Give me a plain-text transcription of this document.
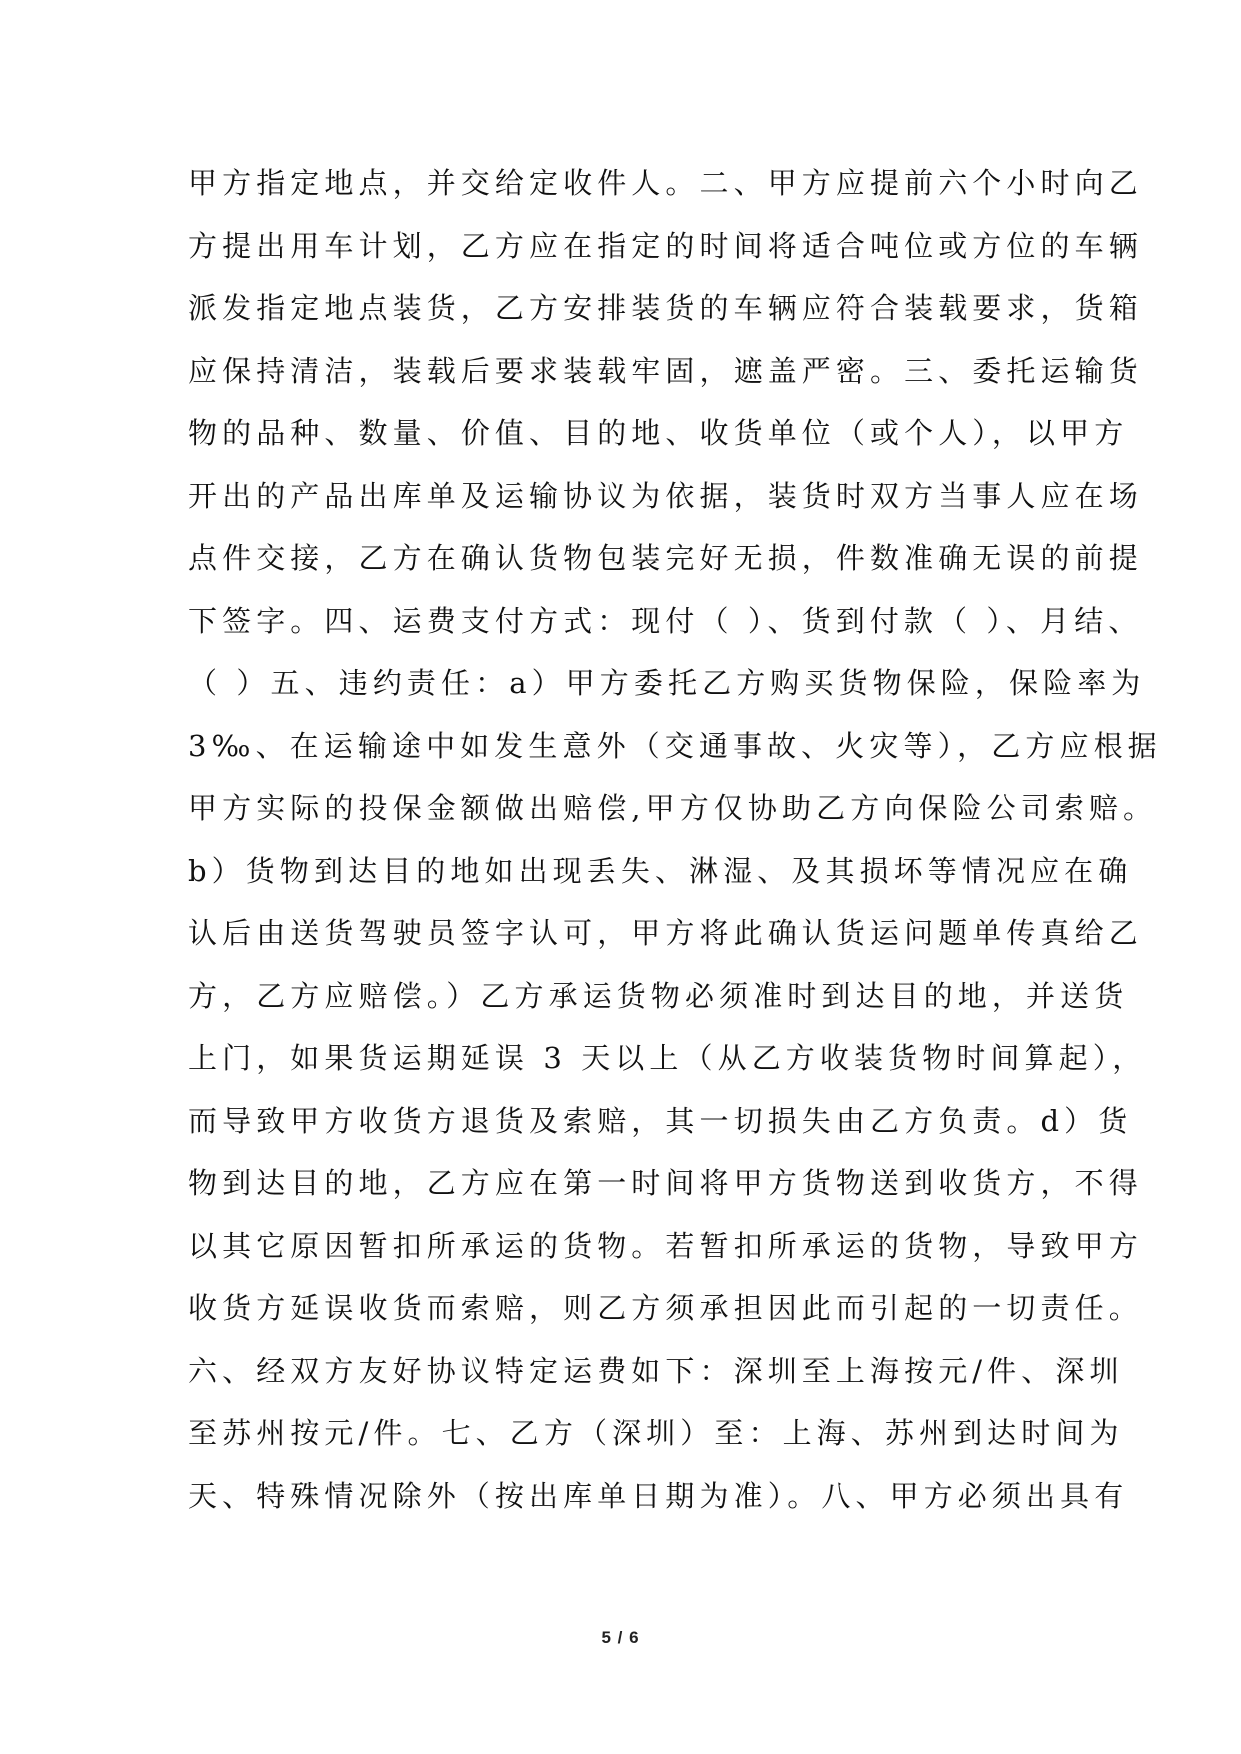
甲方指定地点，并交给定收件人。二、甲方应提前六个小时向乙
方提出用车计划，乙方应在指定的时间将适合吨位或方位的车辆
派发指定地点装货，乙方安排装货的车辆应符合装载要求，货箱
应保持清洁，装载后要求装载牢固，遮盖严密。三、委托运输货
物的品种、数量、价值、目的地、收货单位（或个人），以甲方
开出的产品出库单及运输协议为依据，装货时双方当事人应在场
点件交接，乙方在确认货物包装完好无损，件数准确无误的前提
下签字。四、运费支付方式：现付（ ）、货到付款（ ）、月结、
（ ）五、违约责任：a）甲方委托乙方购买货物保险，保险率为
3‰、在运输途中如发生意外（交通事故、火灾等），乙方应根据
甲方实际的投保金额做出赔偿,甲方仅协助乙方向保险公司索赔。
b）货物到达目的地如出现丢失、淋湿、及其损坏等情况应在确
认后由送货驾驶员签字认可，甲方将此确认货运问题单传真给乙
方，乙方应赔偿。）乙方承运货物必须准时到达目的地，并送货
上门，如果货运期延误 3 天以上（从乙方收装货物时间算起），
而导致甲方收货方退货及索赔，其一切损失由乙方负责。d）货
物到达目的地，乙方应在第一时间将甲方货物送到收货方，不得
以其它原因暂扣所承运的货物。若暂扣所承运的货物，导致甲方
收货方延误收货而索赔，则乙方须承担因此而引起的一切责任。
六、经双方友好协议特定运费如下：深圳至上海按元/件、深圳
至苏州按元/件。七、乙方（深圳）至：上海、苏州到达时间为
天、特殊情况除外（按出库单日期为准）。八、甲方必须出具有
5 / 6
